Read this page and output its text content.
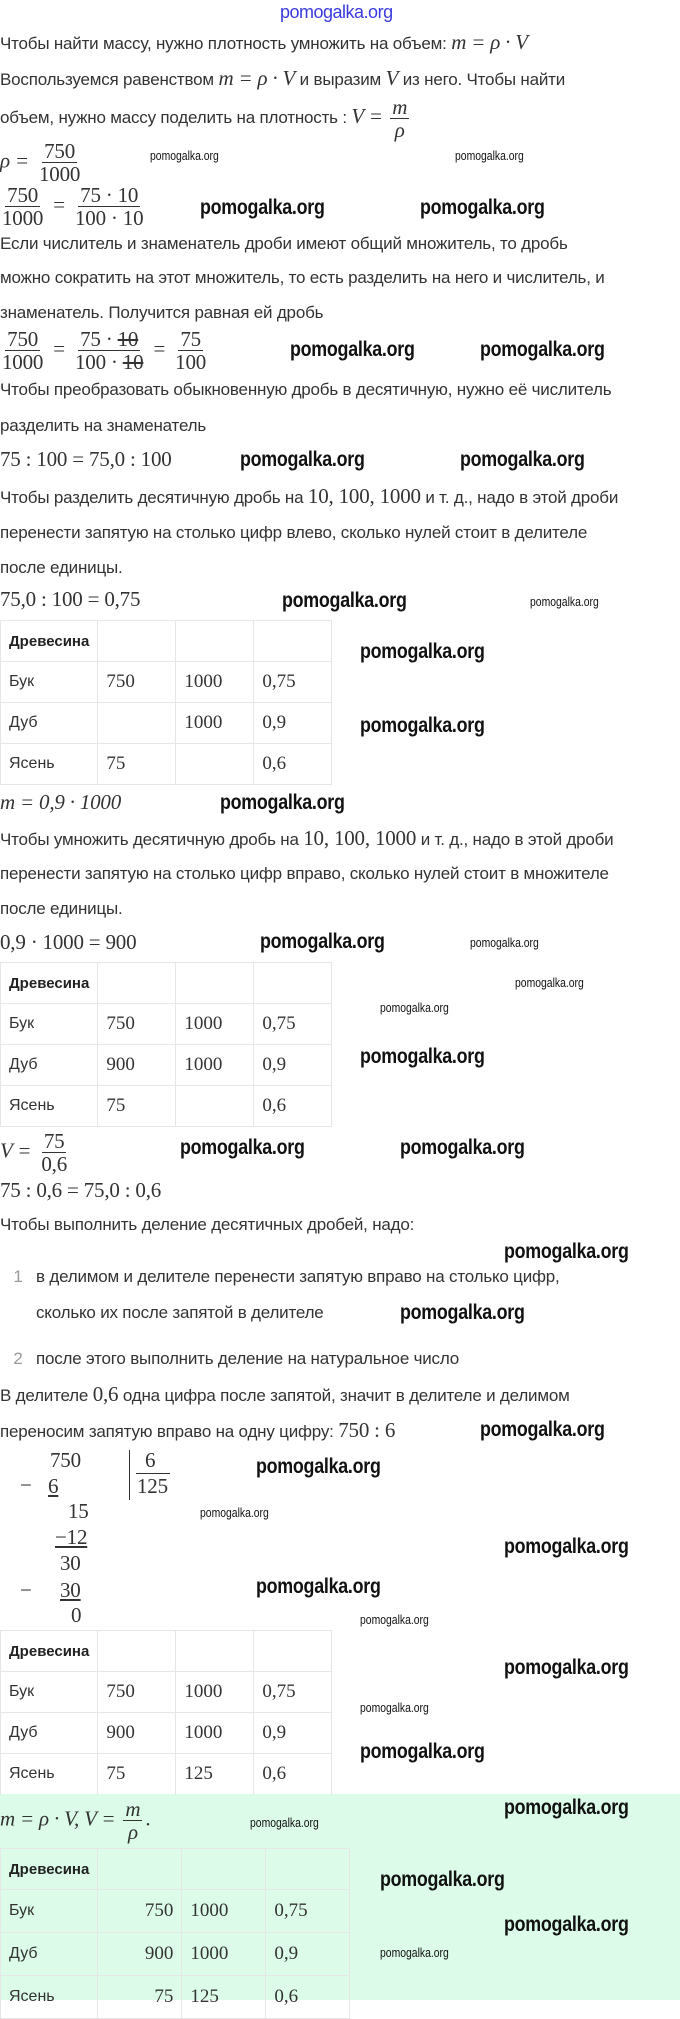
pomogalka.org
Чтобы найти массу, нужно плотность умножить на объем: m = ρ · V
Воспользуемся равенством m = ρ · V и выразим V из него. Чтобы найти
объем, нужно массу поделить на плотность : $V = \frac{m}{\rho}$
$\rho = \frac{750}{1000}$
$\frac{750}{1000} = \frac{75 \cdot 10}{100 \cdot 10}$
Если числитель и знаменатель дроби имеют общий множитель, то дробь
можно сократить на этот множитель, то есть разделить на него и числитель, и
знаменатель. Получится равная ей дробь
$\frac{750}{1000} = \frac{75 \cdot 10}{100 \cdot 10} = \frac{75}{100}$
Чтобы преобразовать обыкновенную дробь в десятичную, нужно её числитель
разделить на знаменатель
75 : 100 = 75,0 : 100
Чтобы разделить десятичную дробь на 10, 100, 1000 и т. д., надо в этой дроби
перенести запятую на столько цифр влево, сколько нулей стоит в делителе
после единицы.
75,0 : 100 = 0,75
Древесина			
Бук	750	1000	0,75
Дуб		1000	0,9
Ясень	75		0,6
m = 0,9 · 1000
Чтобы умножить десятичную дробь на 10, 100, 1000 и т. д., надо в этой дроби
перенести запятую на столько цифр вправо, сколько нулей стоит в множителе
после единицы.
0,9 · 1000 = 900
Древесина			
Бук	750	1000	0,75
Дуб	900	1000	0,9
Ясень	75		0,6
$V = \frac{75}{0,6}$
75 : 0,6 = 75,0 : 0,6
Чтобы выполнить деление десятичных дробей, надо:
1 в делимом и делителе перенести запятую вправо на столько цифр,
сколько их после запятой в делителе
2 после этого выполнить деление на натуральное число
В делителе 0,6 одна цифра после запятой, значит в делителе и делимом
переносим запятую вправо на одну цифру: 750 : 6
−
750
6
6
125
15
−12
30
− 30
0
Древесина			
Бук	750	1000	0,75
Дуб	900	1000	0,9
Ясень	75	125	0,6
m = ρ · V, $V = \frac{m}{\rho}$ .
Древесина			
Бук	750	1000	0,75
Дуб	900	1000	0,9
Ясень	75	125	0,6
pomogalka.org	pomogalka.org
pomogalka.org	pomogalka.org
pomogalka.org	pomogalka.org
pomogalka.org	pomogalka.org
pomogalka.org	pomogalka.org
pomogalka.org
pomogalka.org
pomogalka.org
pomogalka.org	pomogalka.org
pomogalka.org
pomogalka.org
pomogalka.org
pomogalka.org	pomogalka.org
pomogalka.org
pomogalka.org
pomogalka.org
pomogalka.org
pomogalka.org
pomogalka.org
pomogalka.org
pomogalka.org
pomogalka.org
pomogalka.org
pomogalka.org
pomogalka.org
pomogalka.org
pomogalka.org
pomogalka.org
pomogalka.org
